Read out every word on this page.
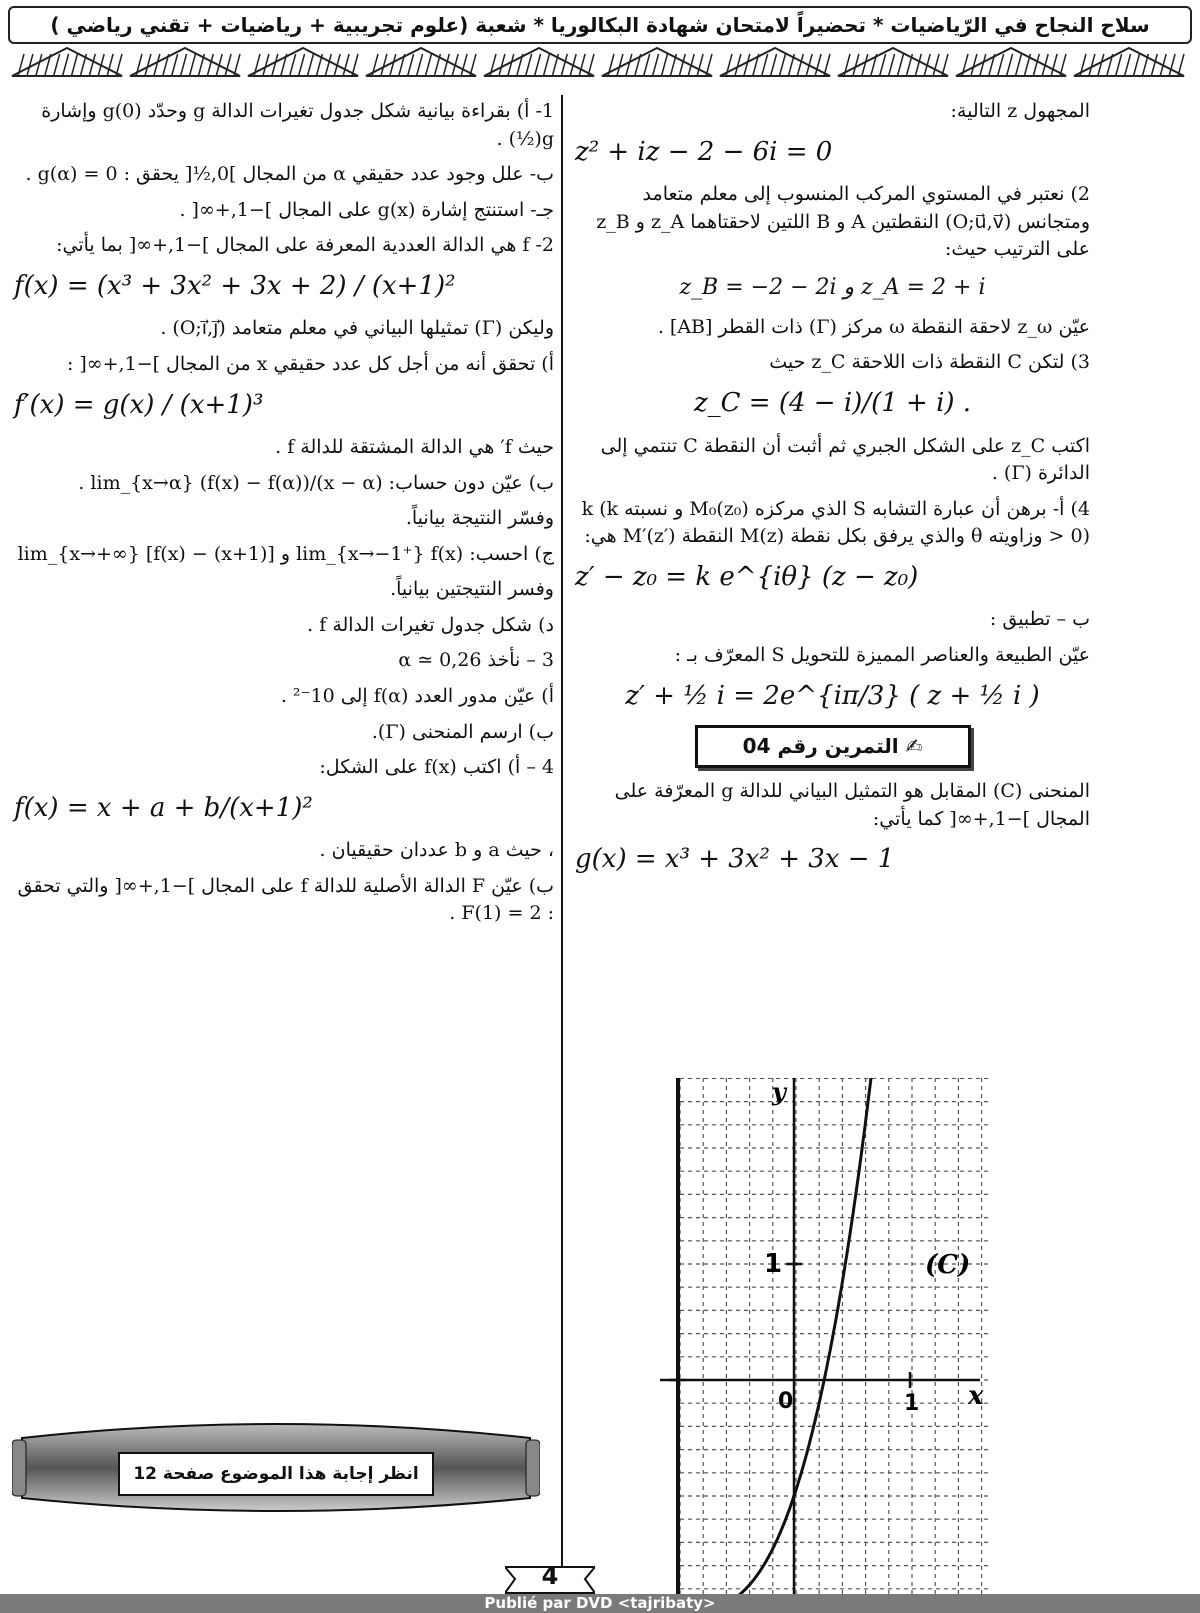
سلاح النجاح في الرّياضيات * تحضيراً لامتحان شهادة البكالوريا * شعبة (علوم تجريبية + رياضيات + تقني رياضي )

المجهول z التالية:

z² + iz − 2 − 6i = 0

2) نعتبر في المستوي المركب المنسوب إلى معلم متعامد ومتجانس (O;u⃗,v⃗) النقطتين A و B اللتين لاحقتاهما z_A و z_B على الترتيب حيث:

z_B = −2 − 2i و z_A = 2 + i

عيّن z_ω لاحقة النقطة ω مركز (Γ) ذات القطر [AB] .

3) لتكن C النقطة ذات اللاحقة z_C حيث

z_C = (4 − i)/(1 + i) .

اكتب z_C على الشكل الجبري ثم أثبت أن النقطة C تنتمي إلى الدائرة (Γ) .

4) أ- برهن أن عبارة التشابه S الذي مركزه M₀(z₀) و نسبته k (k > 0) وزاويته θ والذي يرفق بكل نقطة M(z) النقطة M′(z′) هي:

z′ − z₀ = k e^{iθ} (z − z₀)

ب – تطبيق :

عيّن الطبيعة والعناصر المميزة للتحويل S المعرّف بـ :

z′ + ½ i = 2e^{iπ/3} ( z + ½ i )
✍ التمرين رقم 04

المنحنى (C) المقابل هو التمثيل البياني للدالة g المعرّفة على المجال ]−1,+∞[ كما يأتي:

g(x) = x³ + 3x² + 3x − 1

1- أ) بقراءة بيانية شكل جدول تغيرات الدالة g وحدّد g(0) وإشارة g(½) .

ب- علل وجود عدد حقيقي α من المجال ]0,½[ يحقق : g(α) = 0 .

جـ- استنتج إشارة g(x) على المجال ]−1,+∞[ .

2- f هي الدالة العددية المعرفة على المجال ]−1,+∞[ بما يأتي:

f(x) = (x³ + 3x² + 3x + 2) / (x+1)²

وليكن (Γ) تمثيلها البياني في معلم متعامد (O;i⃗,j⃗) .

أ) تحقق أنه من أجل كل عدد حقيقي x من المجال ]−1,+∞[ :

f′(x) = g(x) / (x+1)³

حيث f′ هي الدالة المشتقة للدالة f .

ب) عيّن دون حساب: lim_{x→α} (f(x) − f(α))/(x − α) .

وفسّر النتيجة بيانياً.

ج) احسب: lim_{x→−1⁺} f(x) و lim_{x→+∞} [f(x) − (x+1)]

وفسر النتيجتين بيانياً.

د) شكل جدول تغيرات الدالة f .

3 – نأخذ α ≃ 0,26

أ) عيّن مدور العدد f(α) إلى 10⁻² .

ب) ارسم المنحنى (Γ).

4 – أ) اكتب f(x) على الشكل:

f(x) = x + a + b/(x+1)²

، حيث a و b عددان حقيقيان .

ب) عيّن F الدالة الأصلية للدالة f على المجال ]−1,+∞[ والتي تحقق : F(1) = 2 .

انظر إجابة هذا الموضوع صفحة 12
(C)
x
y
0	1
1
4
Publié par DVD <tajribaty>
